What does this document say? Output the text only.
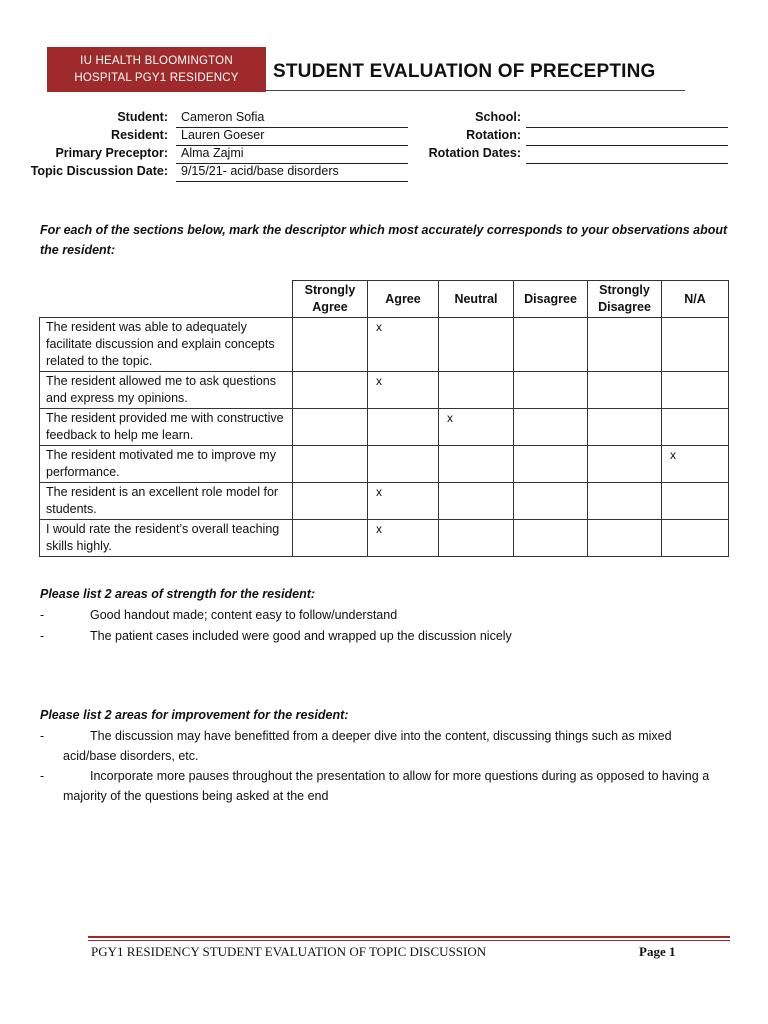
IU HEALTH BLOOMINGTON
HOSPITAL PGY1 RESIDENCY	STUDENT EVALUATION OF PRECEPTING
Student: Cameron Sofia
Resident: Lauren Goeser
Primary Preceptor: Alma Zajmi
Topic Discussion Date: 9/15/21- acid/base disorders
School:
Rotation:
Rotation Dates:
For each of the sections below, mark the descriptor which most accurately corresponds to your observations about the resident:
	Strongly Agree	Agree	Neutral	Disagree	Strongly Disagree	N/A
The resident was able to adequately facilitate discussion and explain concepts related to the topic.		x				
The resident allowed me to ask questions and express my opinions.		x				
The resident provided me with constructive feedback to help me learn.			x			
The resident motivated me to improve my performance.						x
The resident is an excellent role model for students.		x				
I would rate the resident’s overall teaching skills highly.		x				
Please list 2 areas of strength for the resident:
-	Good handout made; content easy to follow/understand
-	The patient cases included were good and wrapped up the discussion nicely
Please list 2 areas for improvement for the resident:
-	The discussion may have benefitted from a deeper dive into the content, discussing things such as mixed
acid/base disorders, etc.
-	Incorporate more pauses throughout the presentation to allow for more questions during as opposed to having a
majority of the questions being asked at the end
PGY1 RESIDENCY STUDENT EVALUATION OF TOPIC DISCUSSION	Page 1
